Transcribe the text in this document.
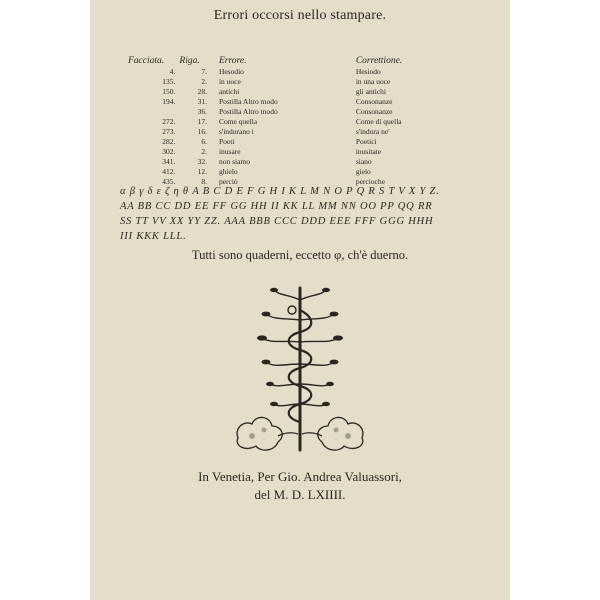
Errori occorsi nello stampare.
Facciata.	Riga.	Errore.	Correttione.
4.	7.	Hesodio	Hesiodo
135.	2.	in uoce	in una uoce
150.	28.	antichi	gli antichi
194.	31.	Postilla Altro modo	Consonanze
	36.	Postilla Altro modo	Consonanze
272.	17.	Come quella	Come di quella
273.	16.	s'indurano i	s'indura ne'
282.	6.	Poeti	Poetici
302.	2.	inusare	inusitate
341.	32.	non siamo	siano
412.	12.	ghielo	gielo
435.	8.	perciò	percioche
α β γ δ ε ζ η θ A B C D E F G H I K L M N O P Q R S T V X Y Z.
AA BB CC DD EE FF GG HH II KK LL MM NN OO PP QQ RR
SS TT VV XX YY ZZ. AAA BBB CCC DDD EEE FFF GGG HHH
III KKK LLL.
Tutti sono quaderni, eccetto φ, ch'è duerno.
In Venetia, Per Gio. Andrea Valuassori,
del M. D. LXIIII.
